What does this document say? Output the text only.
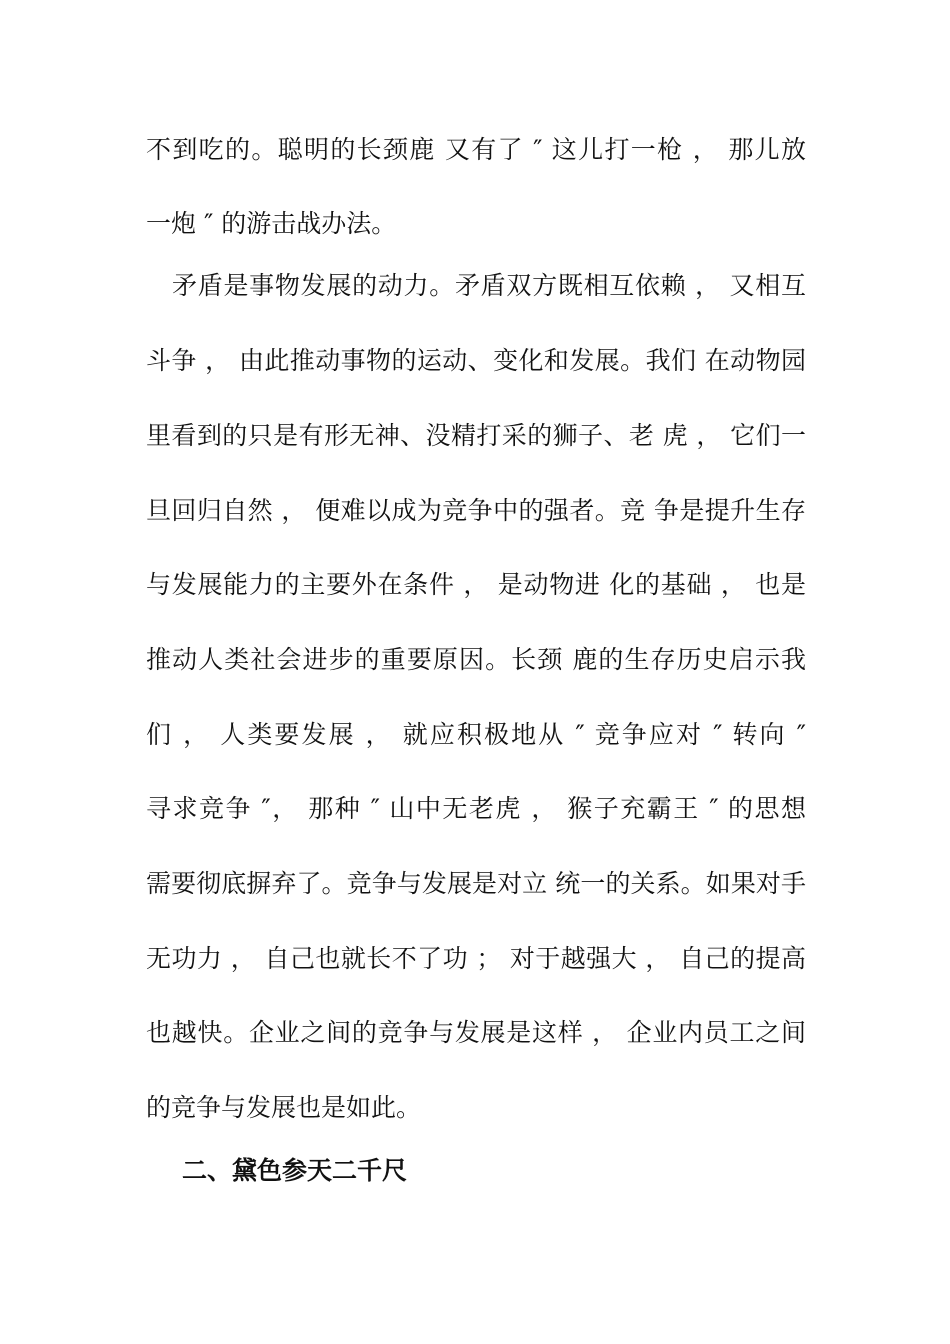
不到吃的。聪明的长颈鹿 又有了 ″ 这儿打一枪 ， 那儿放

一炮 ″ 的游击战办法。

矛盾是事物发展的动力。矛盾双方既相互依赖 ， 又相互

斗争 ， 由此推动事物的运动、变化和发展。我们 在动物园

里看到的只是有形无神、没精打采的狮子、老 虎 ， 它们一

旦回归自然 ， 便难以成为竞争中的强者。竞 争是提升生存

与发展能力的主要外在条件 ， 是动物进 化的基础 ， 也是

推动人类社会进步的重要原因。长颈 鹿的生存历史启示我

们 ， 人类要发展 ， 就应积极地从 ″ 竞争应对 ″ 转向 ″

寻求竞争 ″， 那种 ″ 山中无老虎 ， 猴子充霸王 ″ 的思想

需要彻底摒弃了。竞争与发展是对立 统一的关系。如果对手

无功力 ， 自己也就长不了功 ； 对于越强大 ， 自己的提高

也越快。企业之间的竞争与发展是这样 ， 企业内员工之间

的竞争与发展也是如此。

二、黛色参天二千尺
